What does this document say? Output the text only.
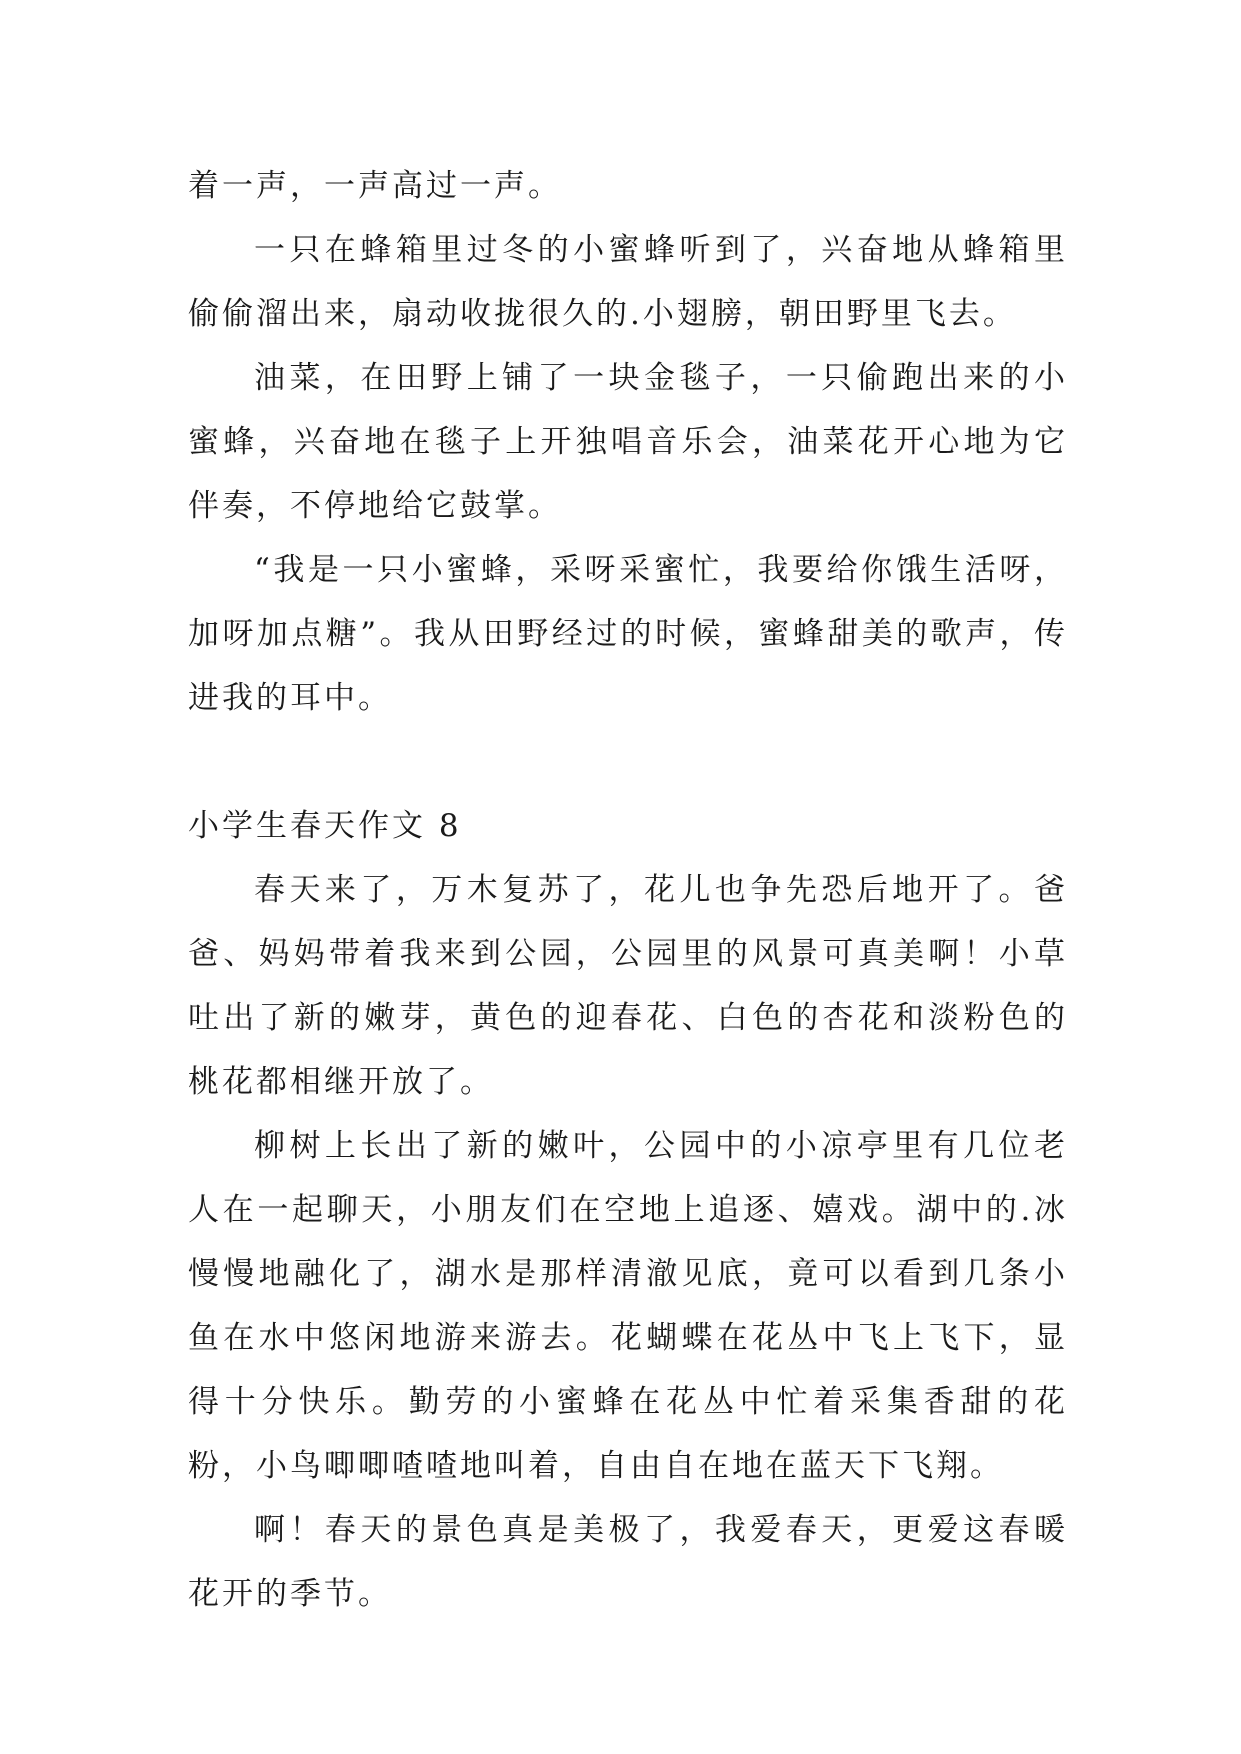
着一声，一声高过一声。

一只在蜂箱里过冬的小蜜蜂听到了，兴奋地从蜂箱里偷偷溜出来，扇动收拢很久的.小翅膀，朝田野里飞去。

油菜，在田野上铺了一块金毯子，一只偷跑出来的小蜜蜂，兴奋地在毯子上开独唱音乐会，油菜花开心地为它伴奏，不停地给它鼓掌。

“我是一只小蜜蜂，采呀采蜜忙，我要给你饿生活呀，加呀加点糖”。我从田野经过的时候，蜜蜂甜美的歌声，传进我的耳中。

小学生春天作文 8

春天来了，万木复苏了，花儿也争先恐后地开了。爸爸、妈妈带着我来到公园，公园里的风景可真美啊！小草吐出了新的嫩芽，黄色的迎春花、白色的杏花和淡粉色的桃花都相继开放了。

柳树上长出了新的嫩叶，公园中的小凉亭里有几位老人在一起聊天，小朋友们在空地上追逐、嬉戏。湖中的.冰慢慢地融化了，湖水是那样清澈见底，竟可以看到几条小鱼在水中悠闲地游来游去。花蝴蝶在花丛中飞上飞下，显得十分快乐。勤劳的小蜜蜂在花丛中忙着采集香甜的花粉，小鸟唧唧喳喳地叫着，自由自在地在蓝天下飞翔。

啊！春天的景色真是美极了，我爱春天，更爱这春暖花开的季节。
